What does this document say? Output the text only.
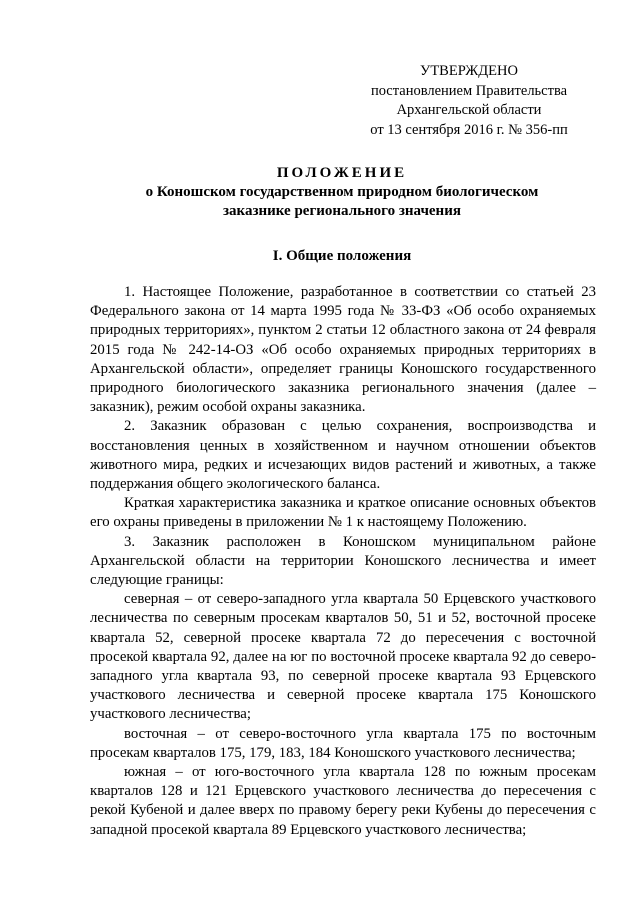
УТВЕРЖДЕНО
постановлением Правительства
Архангельской области
от 13 сентября 2016 г. № 356-пп
ПОЛОЖЕНИЕ
о Коношском государственном природном биологическом
заказнике регионального значения
I. Общие положения

1. Настоящее Положение, разработанное в соответствии со статьей 23 Федерального закона от 14 марта 1995 года № 33-ФЗ «Об особо охраняемых природных территориях», пунктом 2 статьи 12 областного закона от 24 февраля 2015 года № 242-14-ОЗ «Об особо охраняемых природных территориях в Архангельской области», определяет границы Коношского государственного природного биологического заказника регионального значения (далее – заказник), режим особой охраны заказника.

2. Заказник образован с целью сохранения, воспроизводства и восстановления ценных в хозяйственном и научном отношении объектов животного мира, редких и исчезающих видов растений и животных, а также поддержания общего экологического баланса.

Краткая характеристика заказника и краткое описание основных объектов его охраны приведены в приложении № 1 к настоящему Положению.

3. Заказник расположен в Коношском муниципальном районе Архангельской области на территории Коношского лесничества и имеет следующие границы:

северная – от северо-западного угла квартала 50 Ерцевского участкового лесничества по северным просекам кварталов 50, 51 и 52, восточной просеке квартала 52, северной просеке квартала 72 до пересечения с восточной просекой квартала 92, далее на юг по восточной просеке квартала 92 до северо-западного угла квартала 93, по северной просеке квартала 93 Ерцевского участкового лесничества и северной просеке квартала 175 Коношского участкового лесничества;

восточная – от северо-восточного угла квартала 175 по восточным просекам кварталов 175, 179, 183, 184 Коношского участкового лесничества;

южная – от юго-восточного угла квартала 128 по южным просекам кварталов 128 и 121 Ерцевского участкового лесничества до пересечения с рекой Кубеной и далее вверх по правому берегу реки Кубены до пересечения с западной просекой квартала 89 Ерцевского участкового лесничества;
